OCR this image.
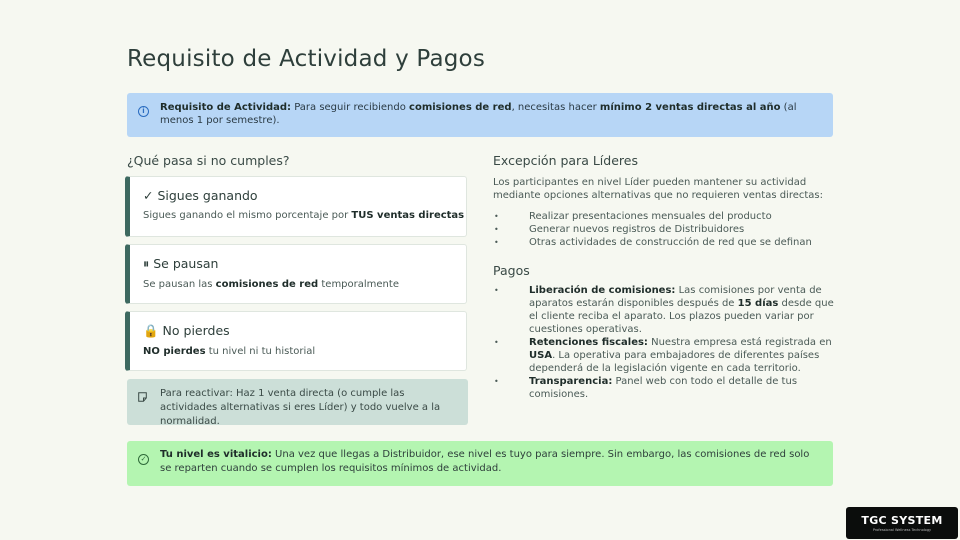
Requisito de Actividad y Pagos
i	Requisito de Actividad: Para seguir recibiendo comisiones de red, necesitas hacer mínimo 2 ventas directas al año (al menos 1 por semestre).
¿Qué pasa si no cumples?
✓ Sigues ganando
Sigues ganando el mismo porcentaje por TUS ventas directas
⏸ Se pausan
Se pausan las comisiones de red temporalmente
🔒 No pierdes
NO pierdes tu nivel ni tu historial
Para reactivar: Haz 1 venta directa (o cumple las actividades alternativas si eres Líder) y todo vuelve a la normalidad.
Excepción para Líderes
Los participantes en nivel Líder pueden mantener su actividad mediante opciones alternativas que no requieren ventas directas:
• Realizar presentaciones mensuales del producto
• Generar nuevos registros de Distribuidores
• Otras actividades de construcción de red que se definan
Pagos
• Liberación de comisiones: Las comisiones por venta de aparatos estarán disponibles después de 15 días desde que el cliente reciba el aparato. Los plazos pueden variar por cuestiones operativas.
• Retenciones fiscales: Nuestra empresa está registrada en USA. La operativa para embajadores de diferentes países dependerá de la legislación vigente en cada territorio.
• Transparencia: Panel web con todo el detalle de tus comisiones.
✓ Tu nivel es vitalicio: Una vez que llegas a Distribuidor, ese nivel es tuyo para siempre. Sin embargo, las comisiones de red solo se reparten cuando se cumplen los requisitos mínimos de actividad.
TGC SYSTEM
Professional Wellness Technology
